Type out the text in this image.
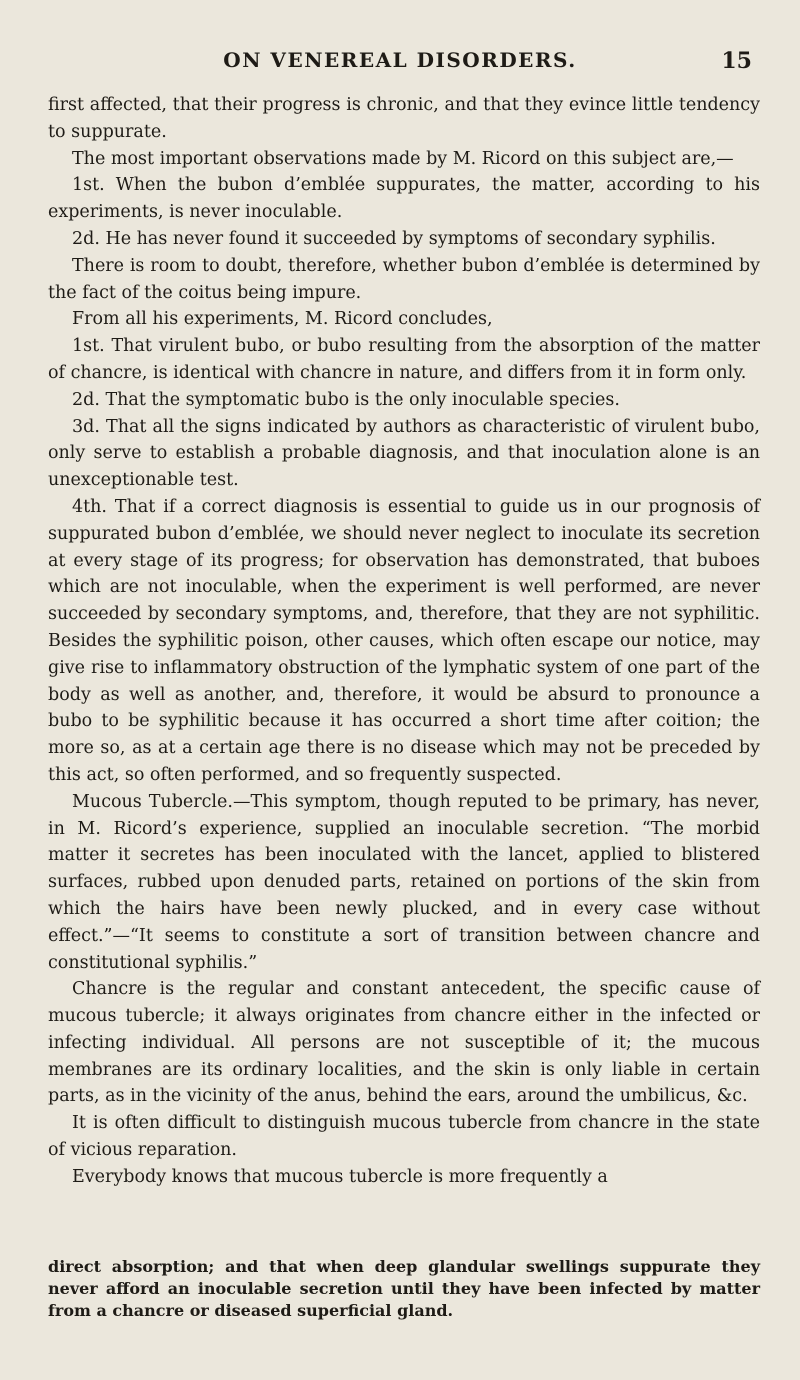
ON VENEREAL DISORDERS.	15

first affected, that their progress is chronic, and that they evince little tendency to suppurate.

The most important observations made by M. Ricord on this subject are,—

1st. When the bubon d’emblée suppurates, the matter, according to his experiments, is never inoculable.

2d. He has never found it succeeded by symptoms of secondary syphilis.

There is room to doubt, therefore, whether bubon d’emblée is determined by the fact of the coitus being impure.

From all his experiments, M. Ricord concludes,

1st. That virulent bubo, or bubo resulting from the absorption of the matter of chancre, is identical with chancre in nature, and differs from it in form only.

2d. That the symptomatic bubo is the only inoculable species.

3d. That all the signs indicated by authors as characteristic of virulent bubo, only serve to establish a probable diagnosis, and that inoculation alone is an unexceptionable test.

4th. That if a correct diagnosis is essential to guide us in our prognosis of suppurated bubon d’emblée, we should never neglect to inoculate its secretion at every stage of its progress; for observation has demonstrated, that buboes which are not inoculable, when the experiment is well performed, are never succeeded by secondary symptoms, and, therefore, that they are not syphilitic. Besides the syphilitic poison, other causes, which often escape our notice, may give rise to inflammatory obstruction of the lymphatic system of one part of the body as well as another, and, therefore, it would be absurd to pronounce a bubo to be syphilitic because it has occurred a short time after coition; the more so, as at a certain age there is no disease which may not be preceded by this act, so often performed, and so frequently suspected.

Mucous Tubercle.—This symptom, though reputed to be primary, has never, in M. Ricord’s experience, supplied an inoculable secretion. “The morbid matter it secretes has been inoculated with the lancet, applied to blistered surfaces, rubbed upon denuded parts, retained on portions of the skin from which the hairs have been newly plucked, and in every case without effect.”—“It seems to constitute a sort of transition between chancre and constitutional syphilis.”

Chancre is the regular and constant antecedent, the specific cause of mucous tubercle; it always originates from chancre either in the infected or infecting individual. All persons are not susceptible of it; the mucous membranes are its ordinary localities, and the skin is only liable in certain parts, as in the vicinity of the anus, behind the ears, around the umbilicus, &c.

It is often difficult to distinguish mucous tubercle from chancre in the state of vicious reparation.

Everybody knows that mucous tubercle is more frequently a

direct absorption; and that when deep glandular swellings suppurate they never afford an inoculable secretion until they have been infected by matter from a chancre or diseased superficial gland.
